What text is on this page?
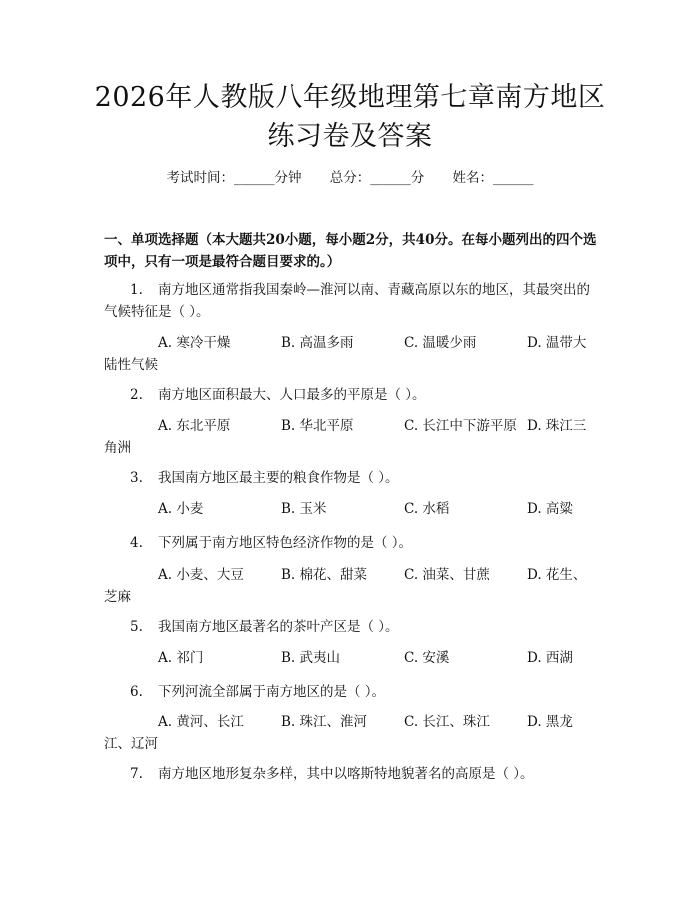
2026年人教版八年级地理第七章南方地区练习卷及答案
考试时间：______分钟 总分：______分 姓名：______
一、单项选择题（本大题共20小题，每小题2分，共40分。在每小题列出的四个选项中，只有一项是最符合题目要求的。）
1. 南方地区通常指我国秦岭—淮河以南、青藏高原以东的地区，其最突出的气候特征是（ ）。
A. 寒冷干燥	B. 高温多雨	C. 温暖少雨	D. 温带大
陆性气候
2. 南方地区面积最大、人口最多的平原是（ ）。
A. 东北平原	B. 华北平原	C. 长江中下游平原 D. 珠江三
角洲
3. 我国南方地区最主要的粮食作物是（ ）。
A. 小麦	B. 玉米	C. 水稻	D. 高粱
4. 下列属于南方地区特色经济作物的是（ ）。
A. 小麦、大豆	B. 棉花、甜菜	C. 油菜、甘蔗	D. 花生、
芝麻
5. 我国南方地区最著名的茶叶产区是（ ）。
A. 祁门	B. 武夷山	C. 安溪	D. 西湖
6. 下列河流全部属于南方地区的是（ ）。
A. 黄河、长江	B. 珠江、淮河	C. 长江、珠江	D. 黑龙
江、辽河
7. 南方地区地形复杂多样，其中以喀斯特地貌著名的高原是（ ）。
